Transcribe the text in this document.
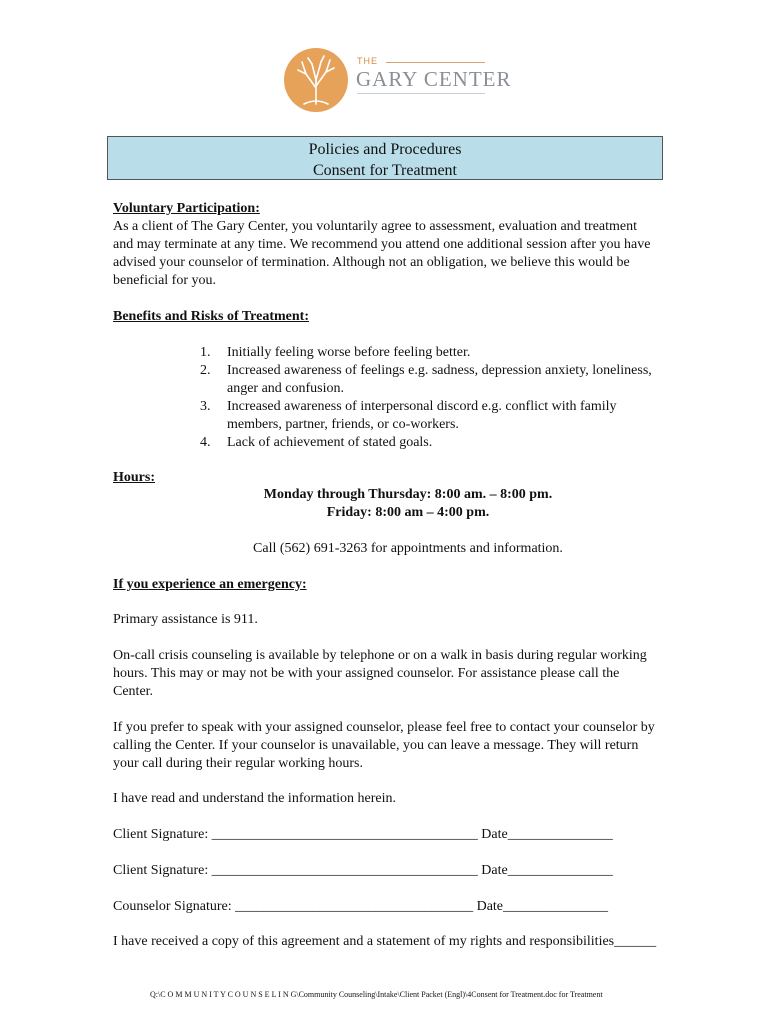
THE
GARY CENTER
Policies and Procedures
Consent for Treatment
Voluntary Participation:
As a client of The Gary Center, you voluntarily agree to assessment, evaluation and treatment
and may terminate at any time. We recommend you attend one additional session after you have
advised your counselor of termination. Although not an obligation, we believe this would be
beneficial for you.
Benefits and Risks of Treatment:
1. Initially feeling worse before feeling better.
2. Increased awareness of feelings e.g. sadness, depression anxiety, loneliness,
anger and confusion.
3. Increased awareness of interpersonal discord e.g. conflict with family
members, partner, friends, or co-workers.
4. Lack of achievement of stated goals.
Hours:
Monday through Thursday: 8:00 am. – 8:00 pm.
Friday: 8:00 am – 4:00 pm.
Call (562) 691-3263 for appointments and information.
If you experience an emergency:
Primary assistance is 911.
On-call crisis counseling is available by telephone or on a walk in basis during regular working
hours. This may or may not be with your assigned counselor. For assistance please call the
Center.
If you prefer to speak with your assigned counselor, please feel free to contact your counselor by
calling the Center. If your counselor is unavailable, you can leave a message. They will return
your call during their regular working hours.
I have read and understand the information herein.
Client Signature: ______________________________________ Date_______________
Client Signature: ______________________________________ Date_______________
Counselor Signature: __________________________________ Date_______________
I have received a copy of this agreement and a statement of my rights and responsibilities______
Q:\C O M M U N I T Y C O U N S E L I N G\Community Counseling\Intake\Client Packet (Engl)\4Consent for Treatment.doc for Treatment
